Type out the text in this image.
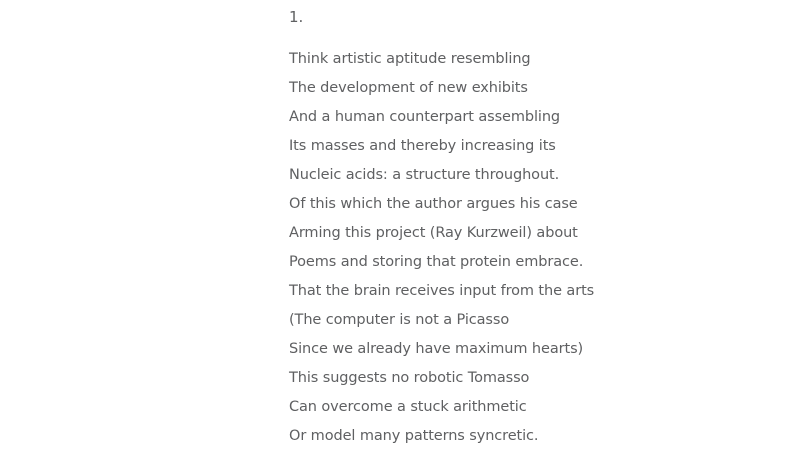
1.
Think artistic aptitude resembling
The development of new exhibits
And a human counterpart assembling
Its masses and thereby increasing its
Nucleic acids: a structure throughout.
Of this which the author argues his case
Arming this project (Ray Kurzweil) about
Poems and storing that protein embrace.
That the brain receives input from the arts
(The computer is not a Picasso
Since we already have maximum hearts)
This suggests no robotic Tomasso
Can overcome a stuck arithmetic
Or model many patterns syncretic.
